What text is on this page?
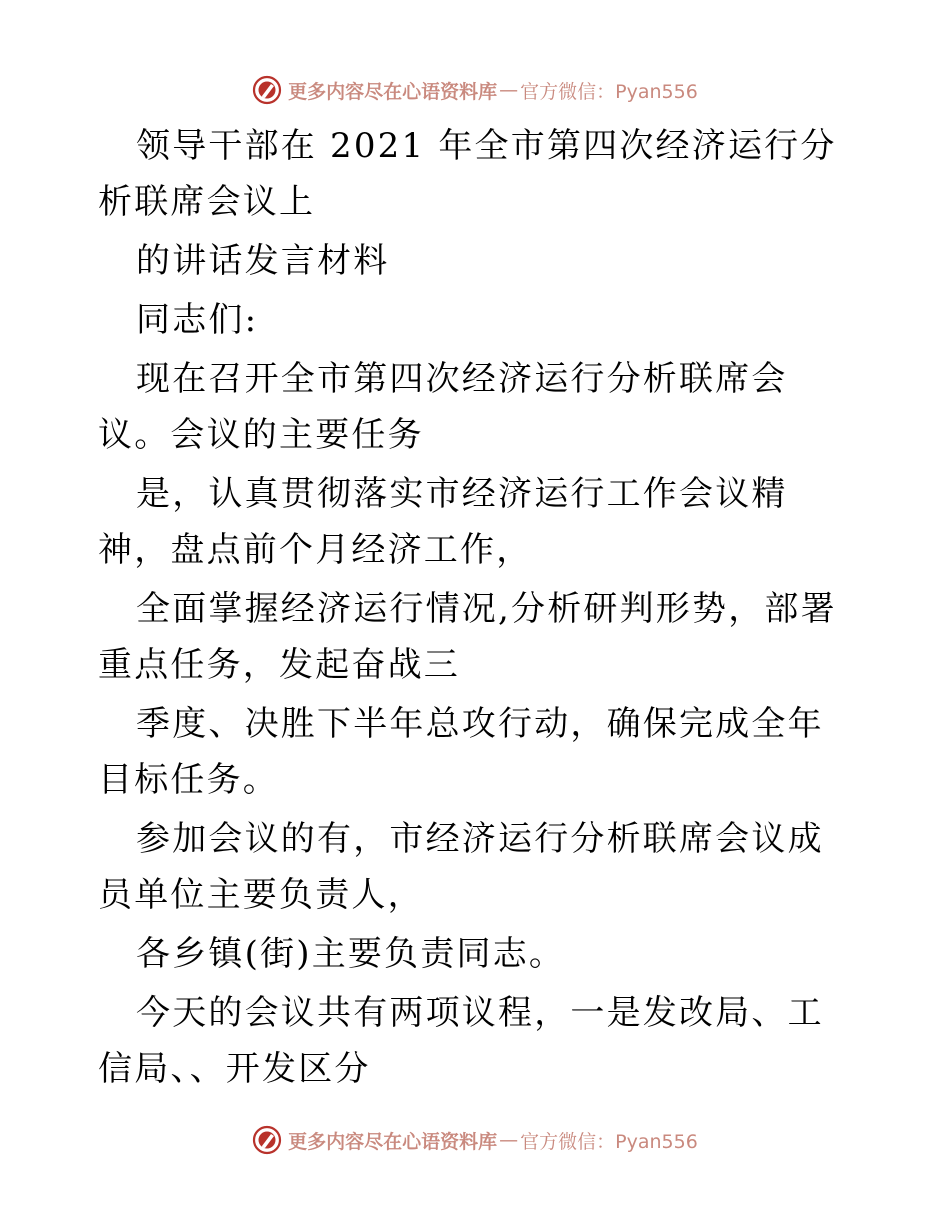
更多内容尽在心语资料库 — 官方微信：Pyan556

领导干部在 2021 年全市第四次经济运行分析联席会议上

的讲话发言材料

同志们:

现在召开全市第四次经济运行分析联席会议。会议的主要任务

是，认真贯彻落实市经济运行工作会议精神，盘点前个月经济工作，

全面掌握经济运行情况,分析研判形势，部署重点任务，发起奋战三

季度、决胜下半年总攻行动，确保完成全年目标任务。

参加会议的有，市经济运行分析联席会议成员单位主要负责人，

各乡镇(街)主要负责同志。

今天的会议共有两项议程，一是发改局、工信局、、开发区分

更多内容尽在心语资料库 — 官方微信：Pyan556
